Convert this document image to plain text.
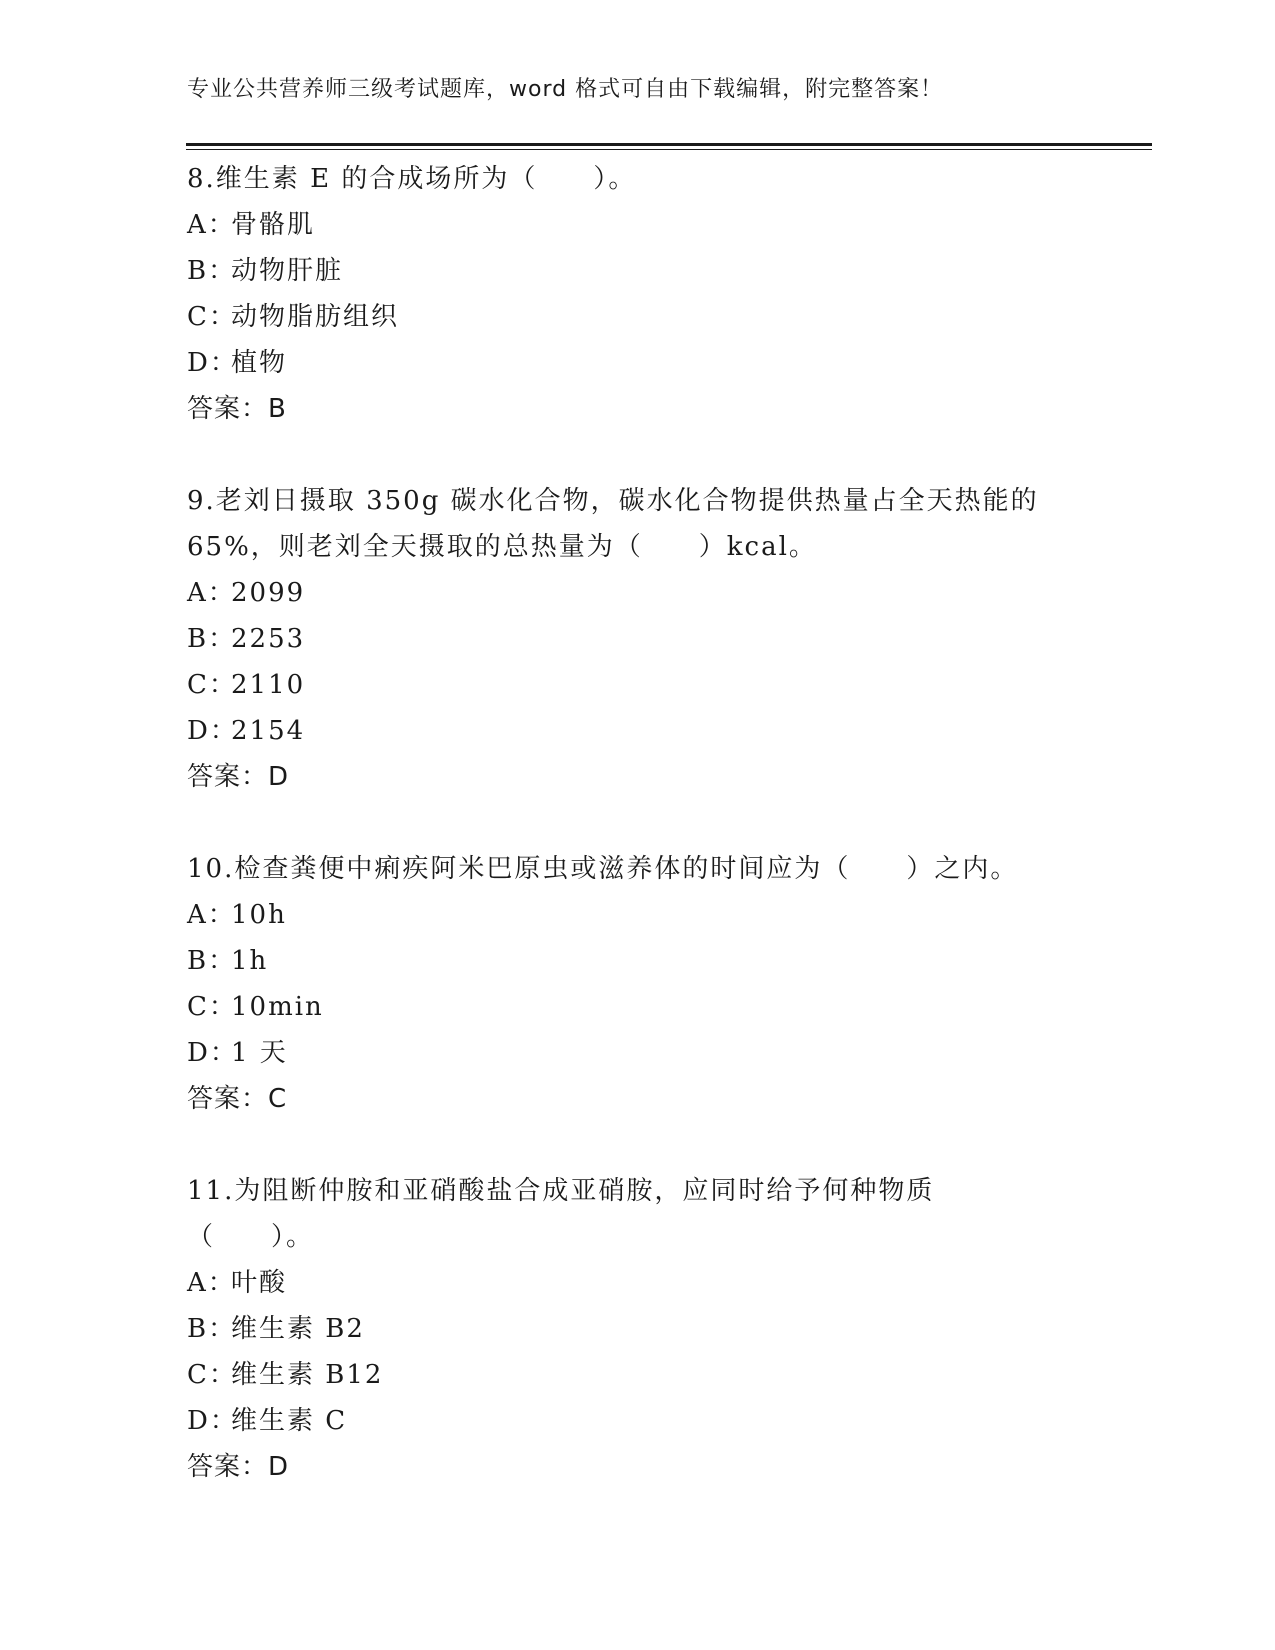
专业公共营养师三级考试题库，word 格式可自由下载编辑，附完整答案！

8.维生素 E 的合成场所为（　　）。

A：骨骼肌

B：动物肝脏

C：动物脂肪组织

D：植物

答案：B

9.老刘日摄取 350g 碳水化合物，碳水化合物提供热量占全天热能的 65%，则老刘全天摄取的总热量为（　　）kcal。

A：2099

B：2253

C：2110

D：2154

答案：D

10.检查粪便中痢疾阿米巴原虫或滋养体的时间应为（　　）之内。

A：10h

B：1h

C：10min

D：1 天

答案：C

11.为阻断仲胺和亚硝酸盐合成亚硝胺，应同时给予何种物质（　　）。

A：叶酸

B：维生素 B2

C：维生素 B12

D：维生素 C

答案：D
